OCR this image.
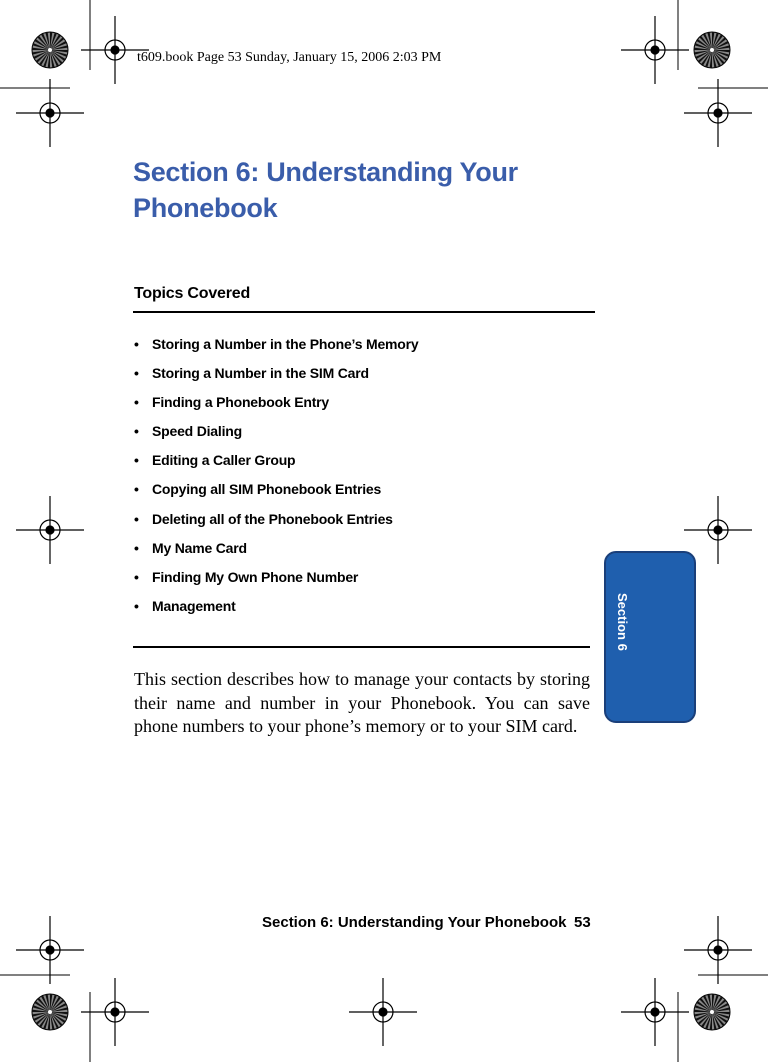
t609.book Page 53 Sunday, January 15, 2006 2:03 PM
Section 6: Understanding Your Phonebook
Topics Covered
• Storing a Number in the Phone’s Memory
• Storing a Number in the SIM Card
• Finding a Phonebook Entry
• Speed Dialing
• Editing a Caller Group
• Copying all SIM Phonebook Entries
• Deleting all of the Phonebook Entries
• My Name Card
• Finding My Own Phone Number
• Management
This section describes how to manage your contacts by storing their name and number in your Phonebook. You can save phone numbers to your phone’s memory or to your SIM card.
Section 6
Section 6: Understanding Your Phonebook 53
